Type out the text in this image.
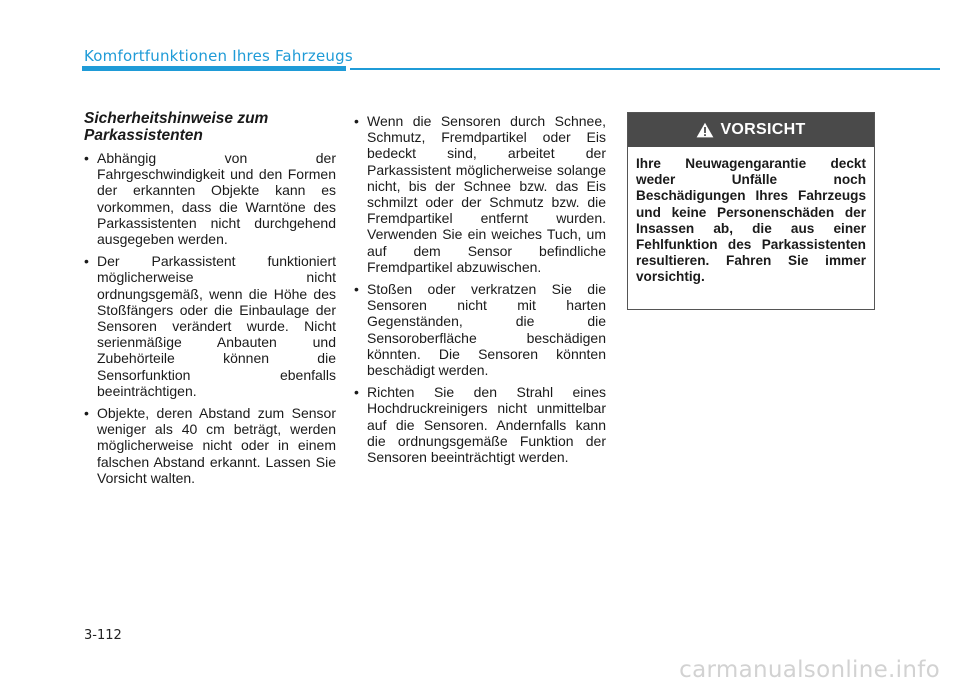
Komfortfunktionen Ihres Fahrzeugs
Sicherheitshinweise zum Parkassistenten
• Abhängig von der Fahrgeschwindigkeit und den Formen der erkannten Objekte kann es vorkommen, dass die Warntöne des Parkassistenten nicht durchgehend ausgegeben werden.
• Der Parkassistent funktioniert möglicherweise nicht ordnungsgemäß, wenn die Höhe des Stoßfängers oder die Einbaulage der Sensoren verändert wurde. Nicht serienmäßige Anbauten und Zubehörteile können die Sensorfunktion ebenfalls beeinträchtigen.
• Objekte, deren Abstand zum Sensor weniger als 40 cm beträgt, werden möglicherweise nicht oder in einem falschen Abstand erkannt. Lassen Sie Vorsicht walten.
• Wenn die Sensoren durch Schnee, Schmutz, Fremdpartikel oder Eis bedeckt sind, arbeitet der Parkassistent möglicherweise solange nicht, bis der Schnee bzw. das Eis schmilzt oder der Schmutz bzw. die Fremdpartikel entfernt wurden. Verwenden Sie ein weiches Tuch, um auf dem Sensor befindliche Fremdpartikel abzuwischen.
• Stoßen oder verkratzen Sie die Sensoren nicht mit harten Gegenständen, die die Sensoroberfläche beschädigen könnten. Die Sensoren könnten beschädigt werden.
• Richten Sie den Strahl eines Hochdruckreinigers nicht unmittelbar auf die Sensoren. Andernfalls kann die ordnungsgemäße Funktion der Sensoren beeinträchtigt werden.
VORSICHT
Ihre Neuwagengarantie deckt weder Unfälle noch Beschädigungen Ihres Fahrzeugs und keine Personenschäden der Insassen ab, die aus einer Fehlfunktion des Parkassistenten resultieren. Fahren Sie immer vorsichtig.
3-112
carmanualsonline.info
